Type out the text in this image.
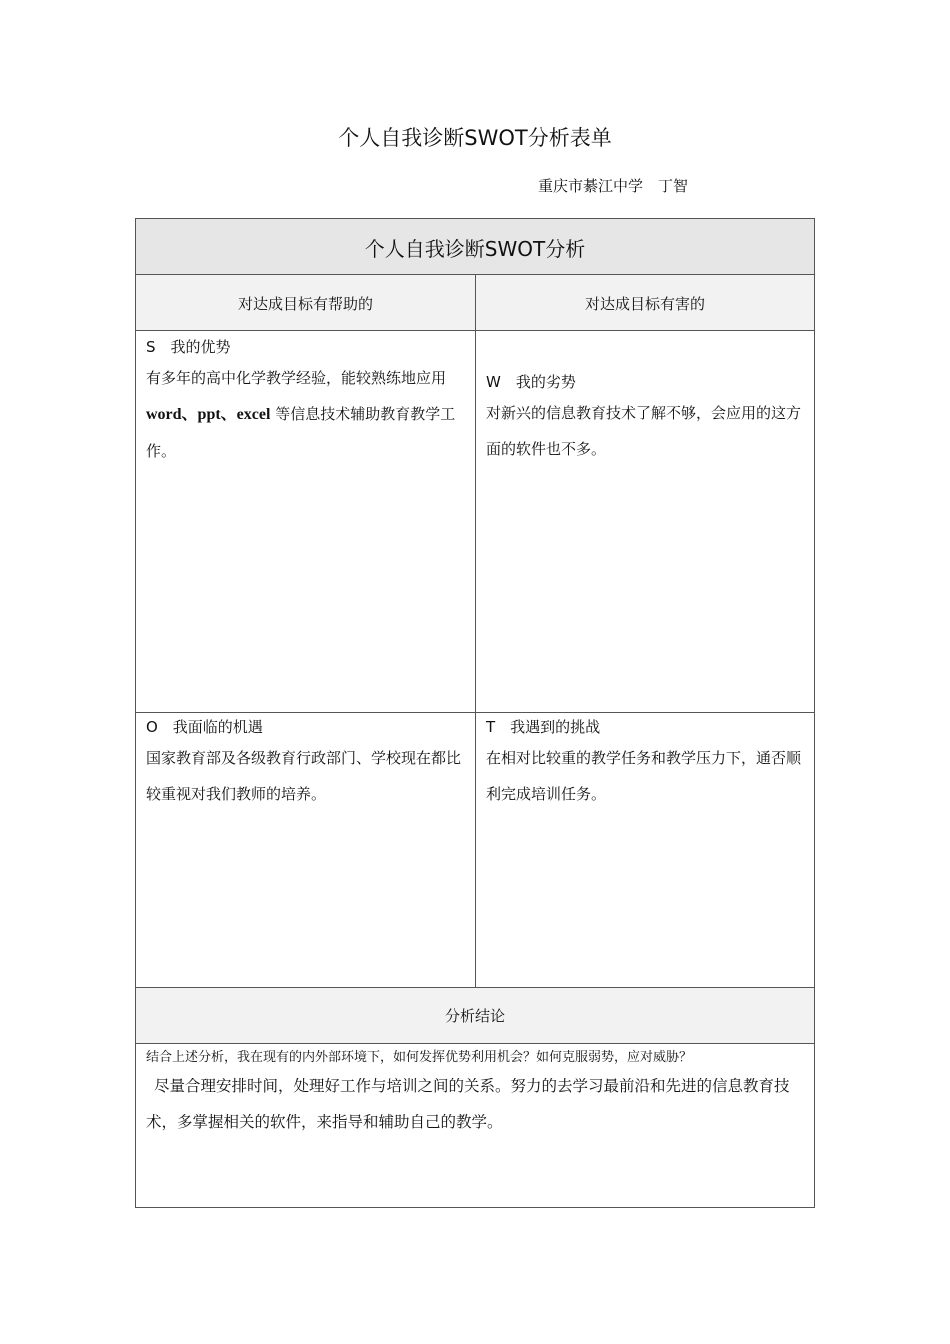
个人自我诊断SWOT分析表单
重庆市綦江中学　丁智
个人自我诊断SWOT分析
对达成目标有帮助的	对达成目标有害的
S　我的优势
有多年的高中化学教学经验，能较熟练地应用 word、ppt、excel 等信息技术辅助教育教学工作。
W　我的劣势
对新兴的信息教育技术了解不够，会应用的这方面的软件也不多。
O　我面临的机遇
国家教育部及各级教育行政部门、学校现在都比较重视对我们教师的培养。
T　我遇到的挑战
在相对比较重的教学任务和教学压力下，通否顺利完成培训任务。
分析结论
结合上述分析，我在现有的内外部环境下，如何发挥优势利用机会？如何克服弱势，应对威胁？
尽量合理安排时间，处理好工作与培训之间的关系。努力的去学习最前沿和先进的信息教育技术，多掌握相关的软件，来指导和辅助自己的教学。
